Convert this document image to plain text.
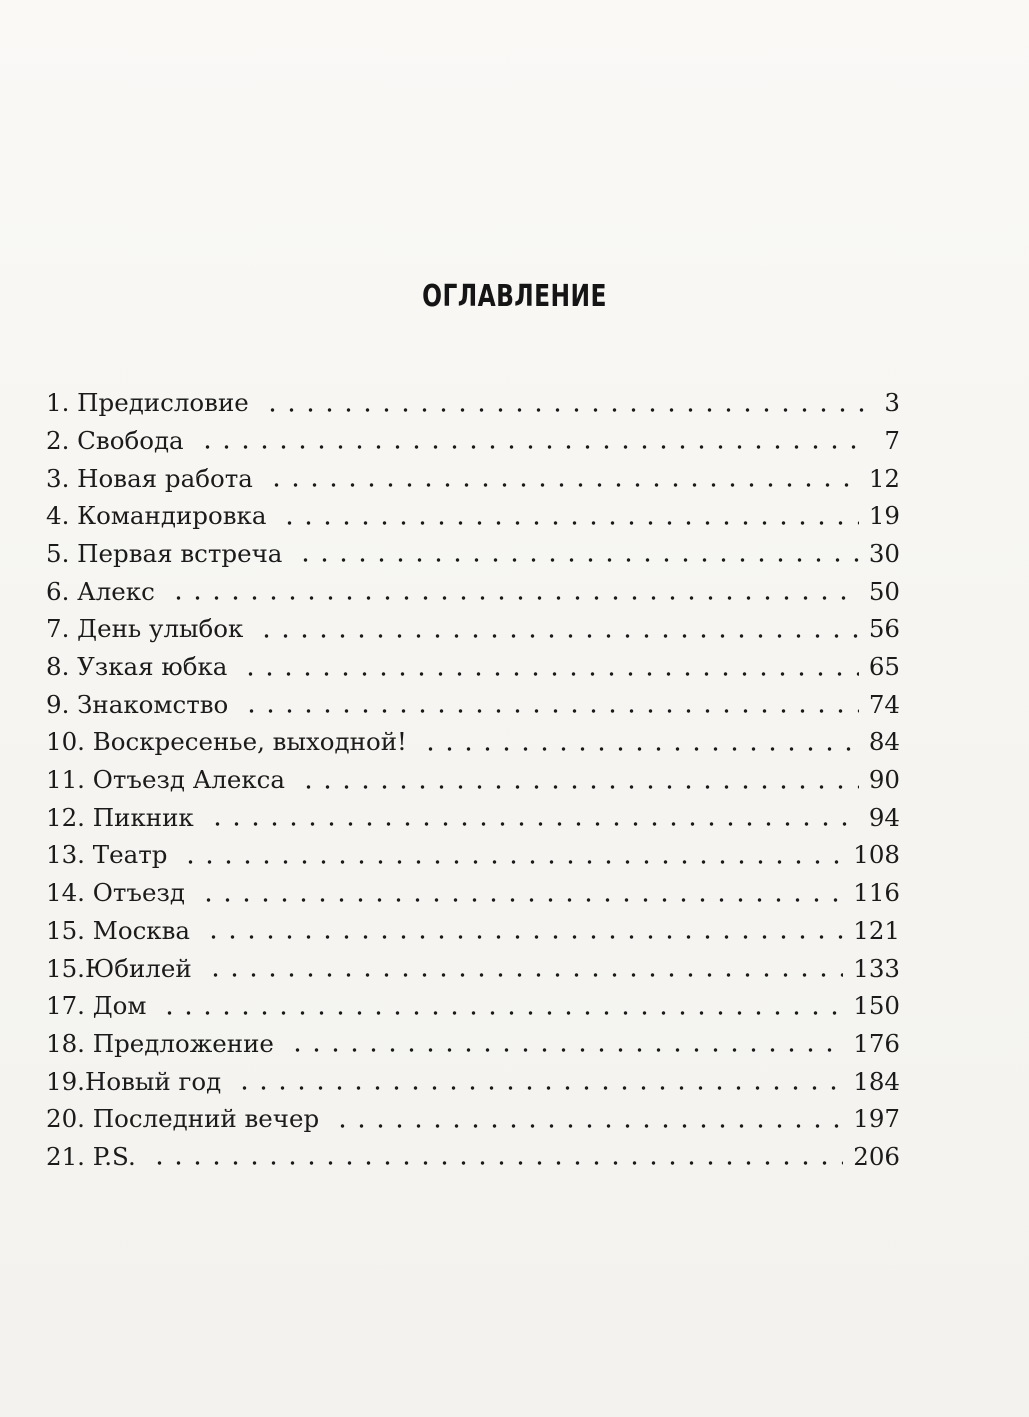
ОГЛАВЛЕНИЕ
1. Предисловие	3
2. Свобода	7
3. Новая работа	12
4. Командировка	19
5. Первая встреча	30
6. Алекс	50
7. День улыбок	56
8. Узкая юбка	65
9. Знакомство	74
10. Воскресенье, выходной!	84
11. Отъезд Алекса	90
12. Пикник	94
13. Театр	108
14. Отъезд	116
15. Москва	121
15.Юбилей	133
17. Дом	150
18. Предложение	176
19.Новый год	184
20. Последний вечер	197
21. P.S.	206
